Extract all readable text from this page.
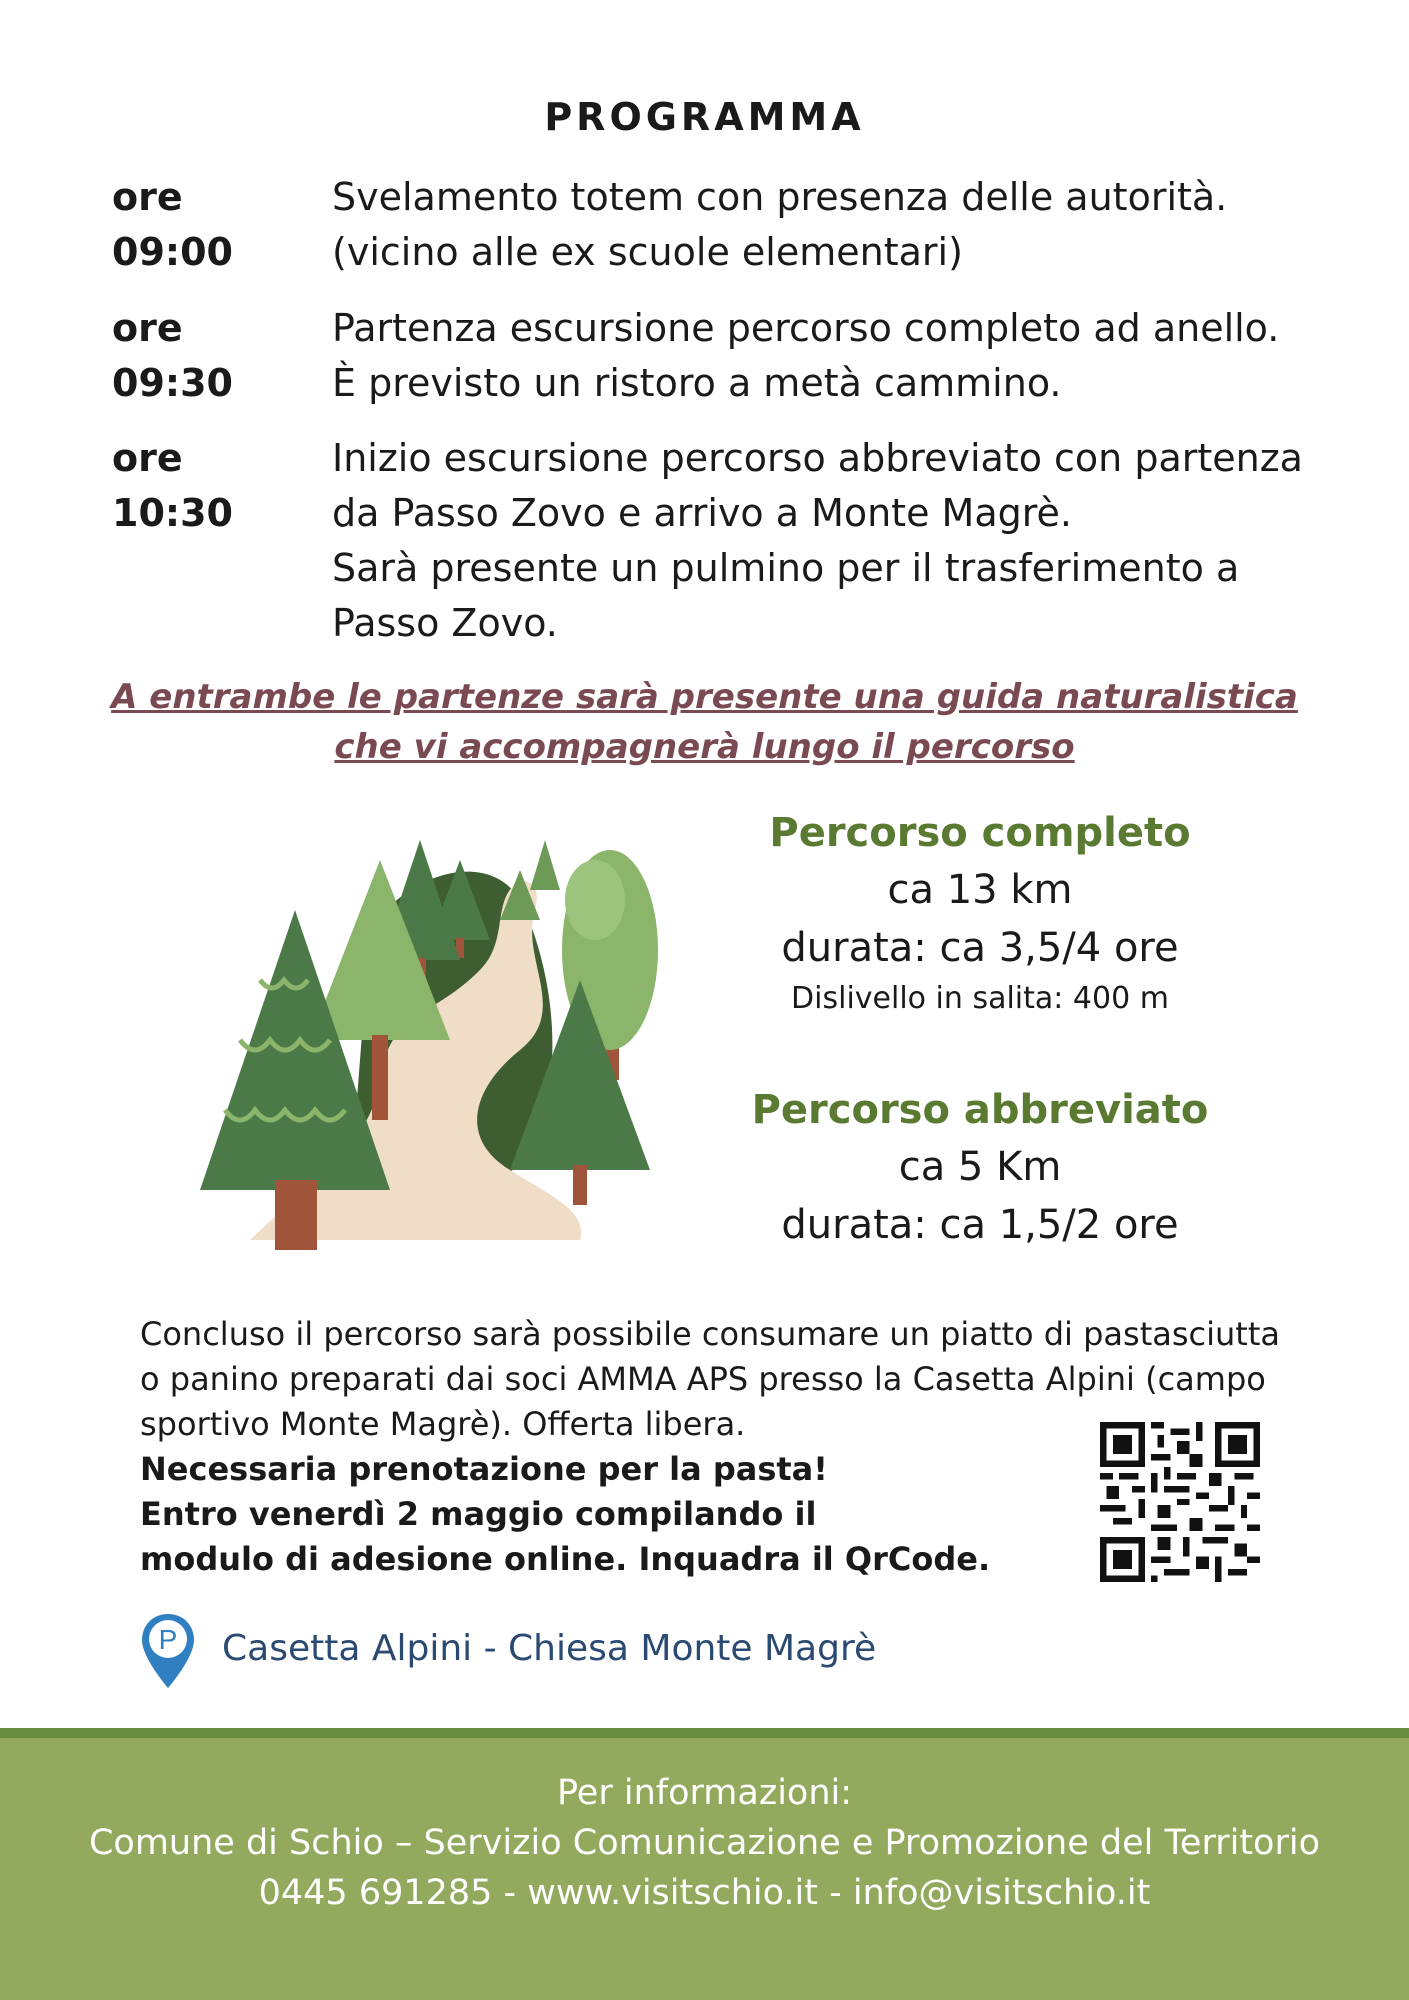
PROGRAMMA
ore 09:00
Svelamento totem con presenza delle autorità.
(vicino alle ex scuole elementari)
ore 09:30
Partenza escursione percorso completo ad anello.
È previsto un ristoro a metà cammino.
ore 10:30
Inizio escursione percorso abbreviato con partenza
da Passo Zovo e arrivo a Monte Magrè.
Sarà presente un pulmino per il trasferimento a
Passo Zovo.
A entrambe le partenze sarà presente una guida naturalistica
che vi accompagnerà lungo il percorso
Percorso completo
ca 13 km
durata: ca 3,5/4 ore
Dislivello in salita: 400 m
Percorso abbreviato
ca 5 Km
durata: ca 1,5/2 ore
Concluso il percorso sarà possibile consumare un piatto di pastasciutta
o panino preparati dai soci AMMA APS presso la Casetta Alpini (campo
sportivo Monte Magrè). Offerta libera.
Necessaria prenotazione per la pasta!
Entro venerdì 2 maggio compilando il
modulo di adesione online. Inquadra il QrCode.
P Casetta Alpini - Chiesa Monte Magrè
Per informazioni:
Comune di Schio – Servizio Comunicazione e Promozione del Territorio
0445 691285 - www.visitschio.it - info@visitschio.it
